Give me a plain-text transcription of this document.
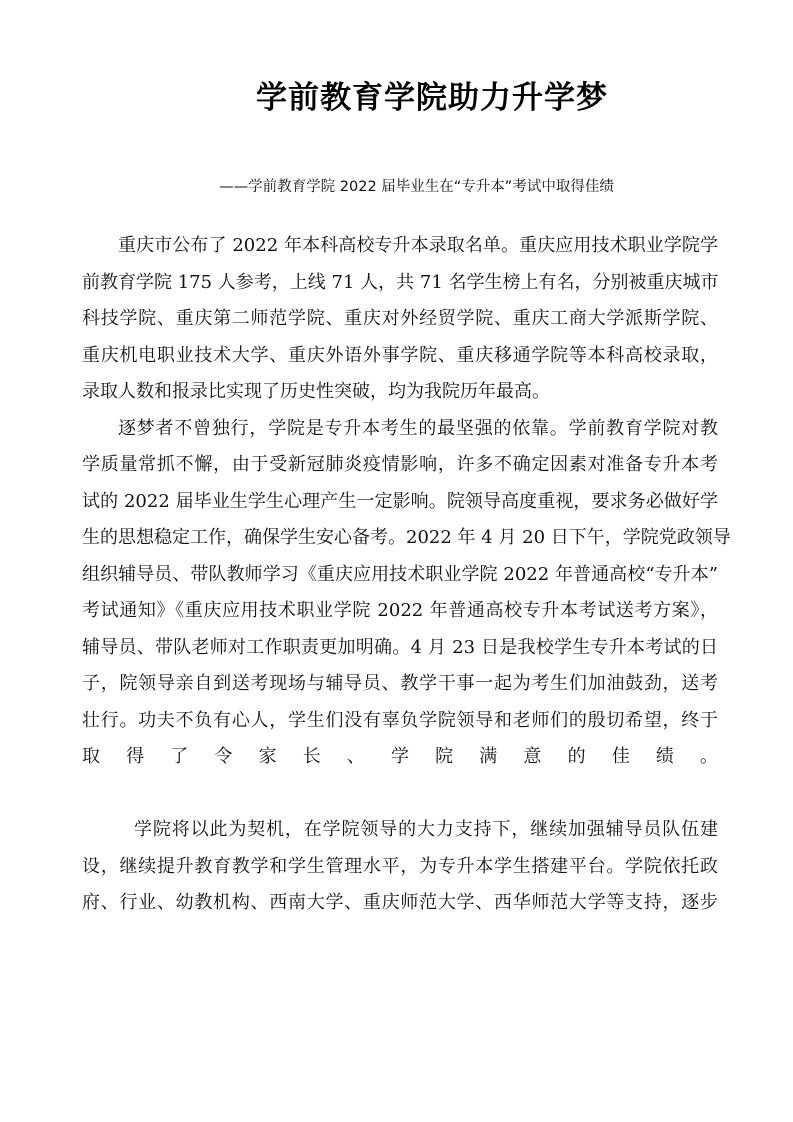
学前教育学院助力升学梦
——学前教育学院 2022 届毕业生在“专升本”考试中取得佳绩
重庆市公布了 2022 年本科高校专升本录取名单。重庆应用技术职业学院学
前教育学院 175 人参考，上线 71 人，共 71 名学生榜上有名，分别被重庆城市
科技学院、重庆第二师范学院、重庆对外经贸学院、重庆工商大学派斯学院、
重庆机电职业技术大学、重庆外语外事学院、重庆移通学院等本科高校录取，
录取人数和报录比实现了历史性突破，均为我院历年最高。
逐梦者不曾独行，学院是专升本考生的最坚强的依靠。学前教育学院对教
学质量常抓不懈，由于受新冠肺炎疫情影响，许多不确定因素对准备专升本考
试的 2022 届毕业生学生心理产生一定影响。院领导高度重视，要求务必做好学
生的思想稳定工作，确保学生安心备考。2022 年 4 月 20 日下午，学院党政领导
组织辅导员、带队教师学习《重庆应用技术职业学院 2022 年普通高校“专升本”
考试通知》《重庆应用技术职业学院 2022 年普通高校专升本考试送考方案》，
辅导员、带队老师对工作职责更加明确。4 月 23 日是我校学生专升本考试的日
子，院领导亲自到送考现场与辅导员、教学干事一起为考生们加油鼓劲，送考
壮行。功夫不负有心人，学生们没有辜负学院领导和老师们的殷切希望，终于
取得了令家长、学院满意的佳绩。
学院将以此为契机，在学院领导的大力支持下，继续加强辅导员队伍建
设，继续提升教育教学和学生管理水平，为专升本学生搭建平台。学院依托政
府、行业、幼教机构、西南大学、重庆师范大学、西华师范大学等支持，逐步
